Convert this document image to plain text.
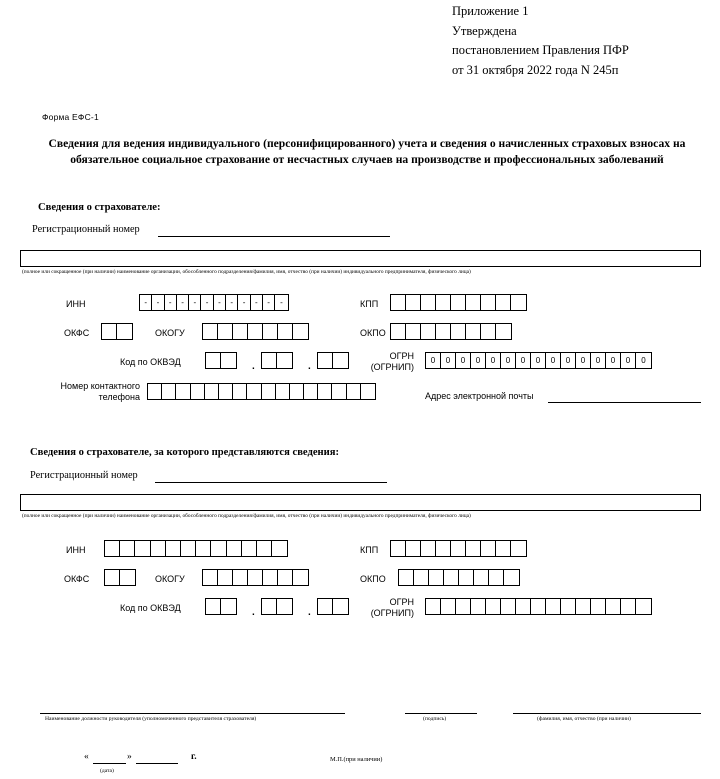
Приложение 1
Утверждена
постановлением Правления ПФР
от 31 октября 2022 года N 245п
Форма ЕФС-1
Сведения для ведения индивидуального (персонифицированного) учета и сведения о начисленных страховых взносах на обязательное социальное страхование от несчастных случаев на производстве и профессиональных заболеваний
Сведения о страхователе:
Регистрационный номер
(полное или сокращенное (при наличии) наименование организации, обособленного подразделения/фамилия, имя, отчество (при наличии) индивидуального предпринимателя, физического лица)
ИНН	-	-	-	-	-	-	-	-	-	-	-	-	КПП
ОКФС	ОКОГУ	ОКПО
Код по ОКВЭД	.	.
ОГРН
(ОГРНИП)
0	0	0	0	0	0	0	0	0	0	0	0	0	0	0
Номер контактного
телефона	Адрес электронной почты
Сведения о страхователе, за которого представляются сведения:
Регистрационный номер
(полное или сокращенное (при наличии) наименование организации, обособленного подразделения/фамилия, имя, отчество (при наличии) индивидуального предпринимателя, физического лица)
ИНН	КПП
ОКФС	ОКОГУ	ОКПО
Код по ОКВЭД	.	.
ОГРН
(ОГРНИП)
Наименование должности руководителя (уполномоченного представителя страхователя)	(подпись)	(фамилия, имя, отчество (при наличии)
«	»	г.
(дата)
М.П.(при наличии)
